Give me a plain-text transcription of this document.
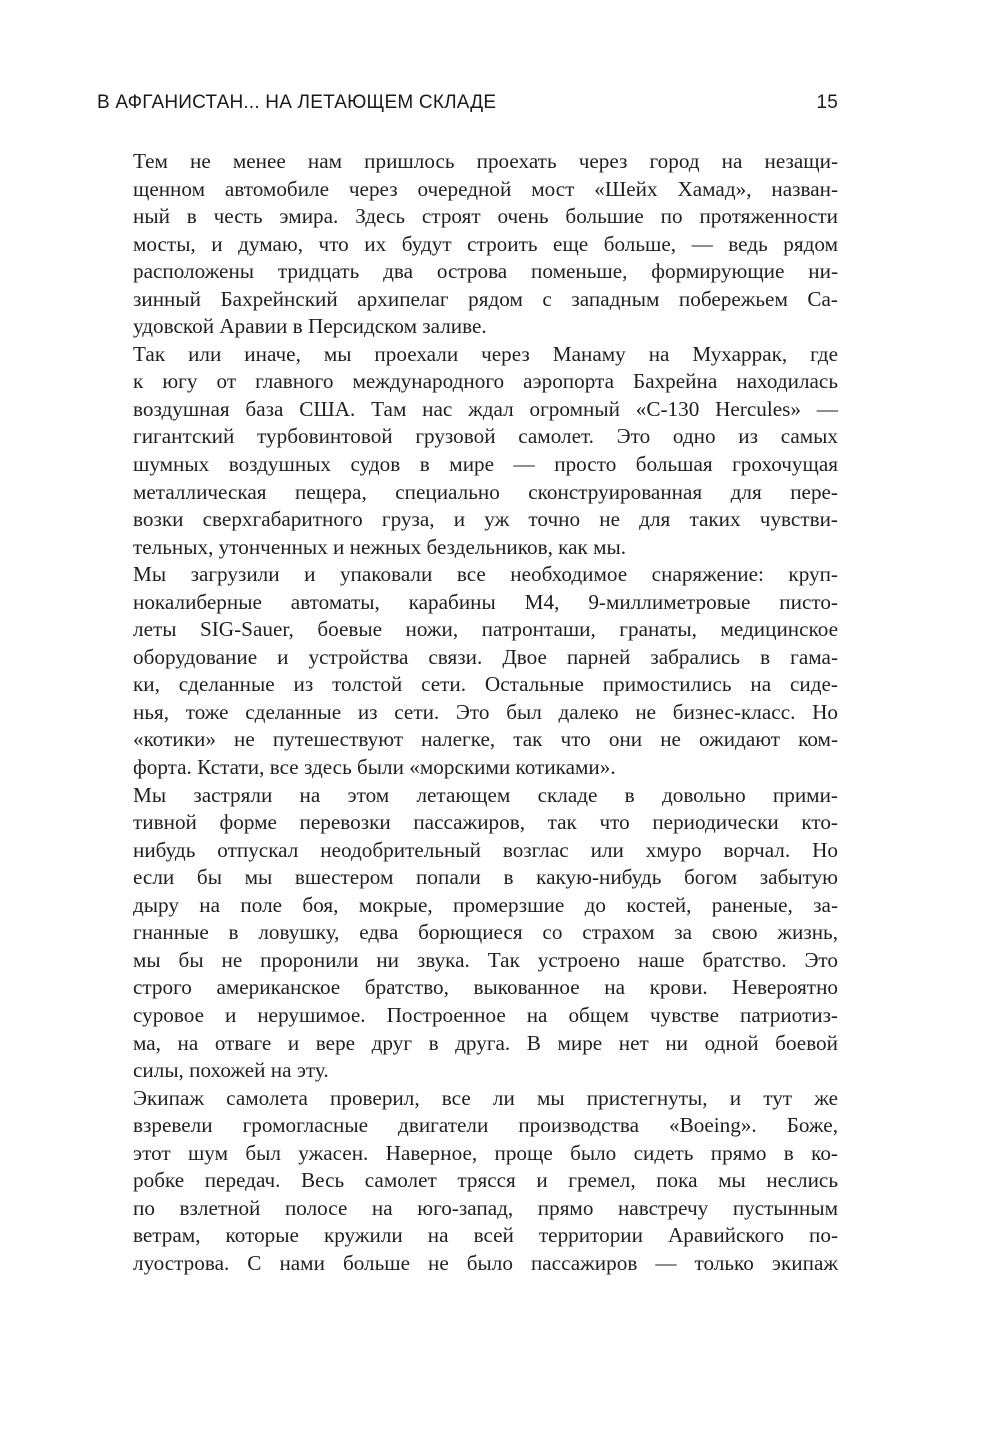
В АФГАНИСТАН... НА ЛЕТАЮЩЕМ СКЛАДЕ	15

Тем не менее нам пришлось проехать через город на незащи-
щенном автомобиле через очередной мост «Шейх Хамад», назван-
ный в честь эмира. Здесь строят очень большие по протяженности
мосты, и думаю, что их будут строить еще больше, — ведь рядом
расположены тридцать два острова поменьше, формирующие ни-
зинный Бахрейнский архипелаг рядом с западным побережьем Са-
удовской Аравии в Персидском заливе.

Так или иначе, мы проехали через Манаму на Мухаррак, где
к югу от главного международного аэропорта Бахрейна находилась
воздушная база США. Там нас ждал огромный «C-130 Hercules» —
гигантский турбовинтовой грузовой самолет. Это одно из самых
шумных воздушных судов в мире — просто большая грохочущая
металлическая пещера, специально сконструированная для пере-
возки сверхгабаритного груза, и уж точно не для таких чувстви-
тельных, утонченных и нежных бездельников, как мы.

Мы загрузили и упаковали все необходимое снаряжение: круп-
нокалиберные автоматы, карабины M4, 9-миллиметровые писто-
леты SIG-Sauer, боевые ножи, патронташи, гранаты, медицинское
оборудование и устройства связи. Двое парней забрались в гама-
ки, сделанные из толстой сети. Остальные примостились на сиде-
нья, тоже сделанные из сети. Это был далеко не бизнес-класс. Но
«котики» не путешествуют налегке, так что они не ожидают ком-
форта. Кстати, все здесь были «морскими котиками».

Мы застряли на этом летающем складе в довольно прими-
тивной форме перевозки пассажиров, так что периодически кто-
нибудь отпускал неодобрительный возглас или хмуро ворчал. Но
если бы мы вшестером попали в какую-нибудь богом забытую
дыру на поле боя, мокрые, промерзшие до костей, раненые, за-
гнанные в ловушку, едва борющиеся со страхом за свою жизнь,
мы бы не проронили ни звука. Так устроено наше братство. Это
строго американское братство, выкованное на крови. Невероятно
суровое и нерушимое. Построенное на общем чувстве патриотиз-
ма, на отваге и вере друг в друга. В мире нет ни одной боевой
силы, похожей на эту.

Экипаж самолета проверил, все ли мы пристегнуты, и тут же
взревели громогласные двигатели производства «Boeing». Боже,
этот шум был ужасен. Наверное, проще было сидеть прямо в ко-
робке передач. Весь самолет трясся и гремел, пока мы неслись
по взлетной полосе на юго-запад, прямо навстречу пустынным
ветрам, которые кружили на всей территории Аравийского по-
луострова. С нами больше не было пассажиров — только экипаж
